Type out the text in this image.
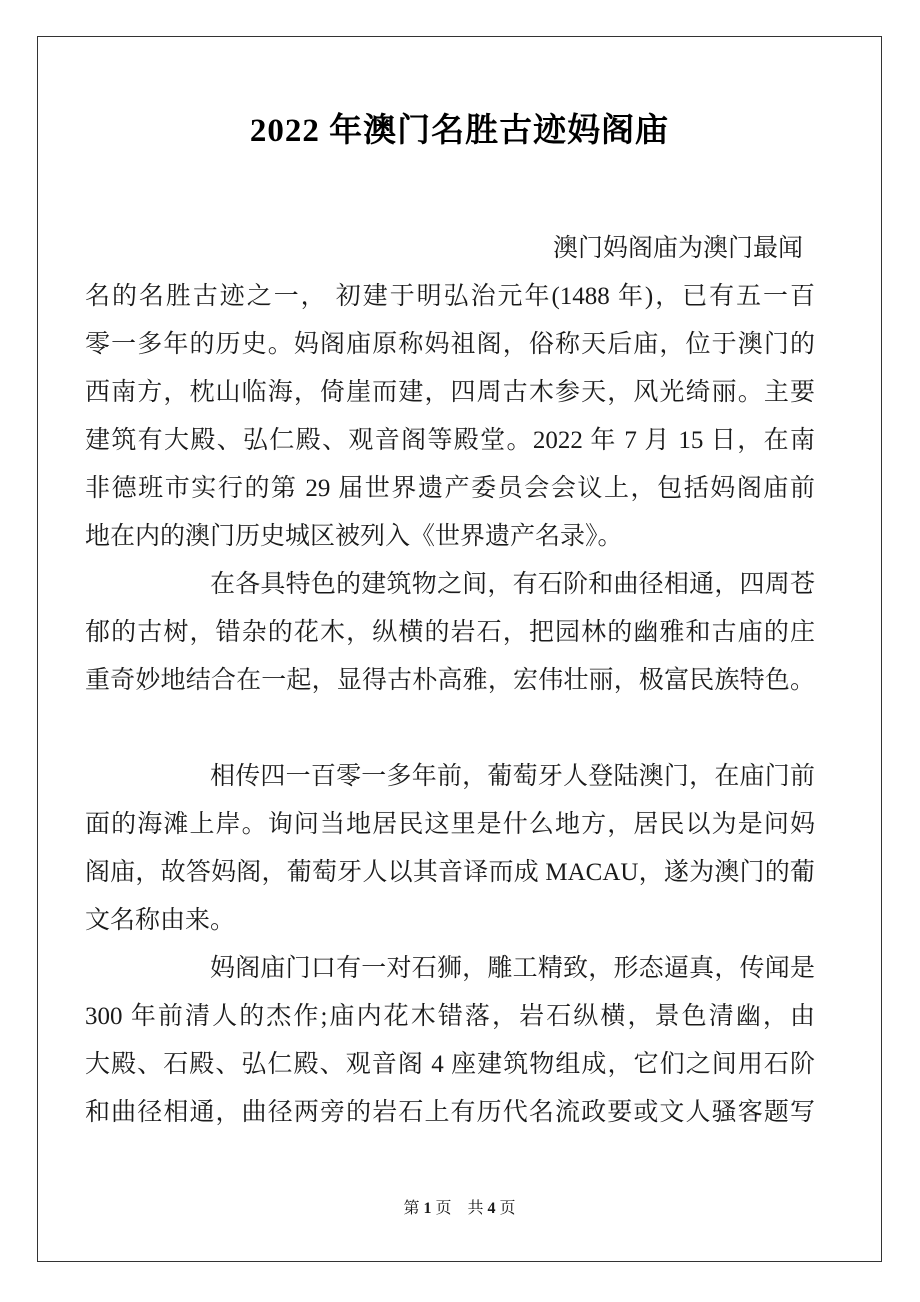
2022 年澳门名胜古迹妈阁庙
澳门妈阁庙为澳门最闻
名的名胜古迹之一， 初建于明弘治元年(1488 年)，已有五一百
零一多年的历史。妈阁庙原称妈祖阁，俗称天后庙，位于澳门的
西南方，枕山临海，倚崖而建，四周古木参天，风光绮丽。主要
建筑有大殿、弘仁殿、观音阁等殿堂。2022 年 7 月 15 日，在南
非德班市实行的第 29 届世界遗产委员会会议上，包括妈阁庙前
地在内的澳门历史城区被列入《世界遗产名录》。
在各具特色的建筑物之间，有石阶和曲径相通，四周苍
郁的古树，错杂的花木，纵横的岩石，把园林的幽雅和古庙的庄
重奇妙地结合在一起，显得古朴高雅，宏伟壮丽，极富民族特色。
相传四一百零一多年前，葡萄牙人登陆澳门，在庙门前
面的海滩上岸。询问当地居民这里是什么地方，居民以为是问妈
阁庙，故答妈阁，葡萄牙人以其音译而成 MACAU，遂为澳门的葡
文名称由来。
妈阁庙门口有一对石狮，雕工精致，形态逼真，传闻是
300 年前清人的杰作;庙内花木错落，岩石纵横，景色清幽，由
大殿、石殿、弘仁殿、观音阁 4 座建筑物组成，它们之间用石阶
和曲径相通，曲径两旁的岩石上有历代名流政要或文人骚客题写
第 1 页 共 4 页
